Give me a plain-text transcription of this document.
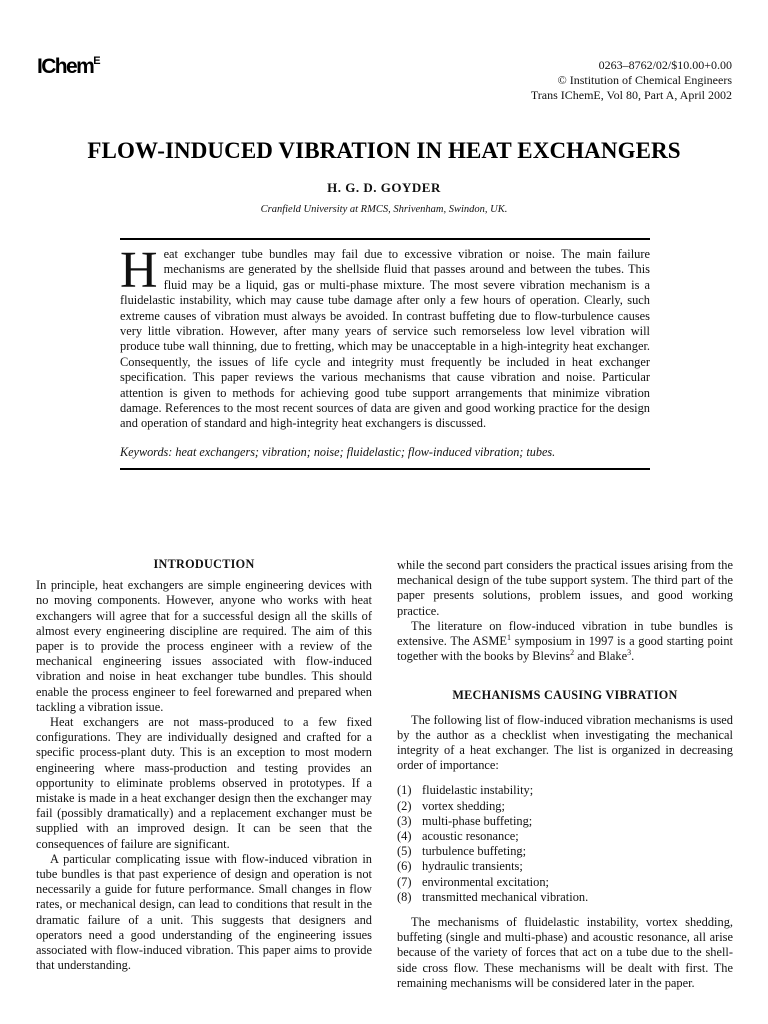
IChem$^E$	0263–8762/02/$10.00+0.00
© Institution of Chemical Engineers
Trans IChemE, Vol 80, Part A, April 2002
FLOW-INDUCED VIBRATION IN HEAT EXCHANGERS
H. G. D. GOYDER
Cranfield University at RMCS, Shrivenham, Swindon, UK.

Heat exchanger tube bundles may fail due to excessive vibration or noise. The main failure mechanisms are generated by the shellside fluid that passes around and between the tubes. This fluid may be a liquid, gas or multi-phase mixture. The most severe vibration mechanism is a fluidelastic instability, which may cause tube damage after only a few hours of operation. Clearly, such extreme causes of vibration must always be avoided. In contrast buffeting due to flow-turbulence causes very little vibration. However, after many years of service such remorseless low level vibration will produce tube wall thinning, due to fretting, which may be unacceptable in a high-integrity heat exchanger. Consequently, the issues of life cycle and integrity must frequently be included in heat exchanger specification. This paper reviews the various mechanisms that cause vibration and noise. Particular attention is given to methods for achieving good tube support arrangements that minimize vibration damage. References to the most recent sources of data are given and good working practice for the design and operation of standard and high-integrity heat exchangers is discussed.

Keywords: heat exchangers; vibration; noise; fluidelastic; flow-induced vibration; tubes.
INTRODUCTION

In principle, heat exchangers are simple engineering devices with no moving components. However, anyone who works with heat exchangers will agree that for a successful design all the skills of almost every engineering discipline are required. The aim of this paper is to provide the process engineer with a review of the mechanical engineering issues associated with flow-induced vibration and noise in heat exchanger tube bundles. This should enable the process engineer to feel forewarned and prepared when tackling a vibration issue.

Heat exchangers are not mass-produced to a few fixed configurations. They are individually designed and crafted for a specific process-plant duty. This is an exception to most modern engineering where mass-production and testing provides an opportunity to eliminate problems observed in prototypes. If a mistake is made in a heat exchanger design then the exchanger may fail (possibly dramatically) and a replacement exchanger must be supplied with an improved design. It can be seen that the consequences of failure are significant.

A particular complicating issue with flow-induced vibration in tube bundles is that past experience of design and operation is not necessarily a guide for future performance. Small changes in flow rates, or mechanical design, can lead to conditions that result in the dramatic failure of a unit. This suggests that designers and operators need a good understanding of the engineering issues associated with flow-induced vibration. This paper aims to provide that understanding.

while the second part considers the practical issues arising from the mechanical design of the tube support system. The third part of the paper presents solutions, problem issues, and good working practice.

The literature on flow-induced vibration in tube bundles is extensive. The ASME$^1$ symposium in 1997 is a good starting point together with the books by Blevins$^2$ and Blake$^3$.

MECHANISMS CAUSING VIBRATION

The following list of flow-induced vibration mechanisms is used by the author as a checklist when investigating the mechanical integrity of a heat exchanger. The list is organized in decreasing order of importance:

(1) fluidelastic instability;
(2) vortex shedding;
(3) multi-phase buffeting;
(4) acoustic resonance;
(5) turbulence buffeting;
(6) hydraulic transients;
(7) environmental excitation;
(8) transmitted mechanical vibration.

The mechanisms of fluidelastic instability, vortex shedding, buffeting (single and multi-phase) and acoustic resonance, all arise because of the variety of forces that act on a tube due to the shell-side cross flow. These mechanisms will be dealt with first. The remaining mechanisms will be considered later in the paper.
